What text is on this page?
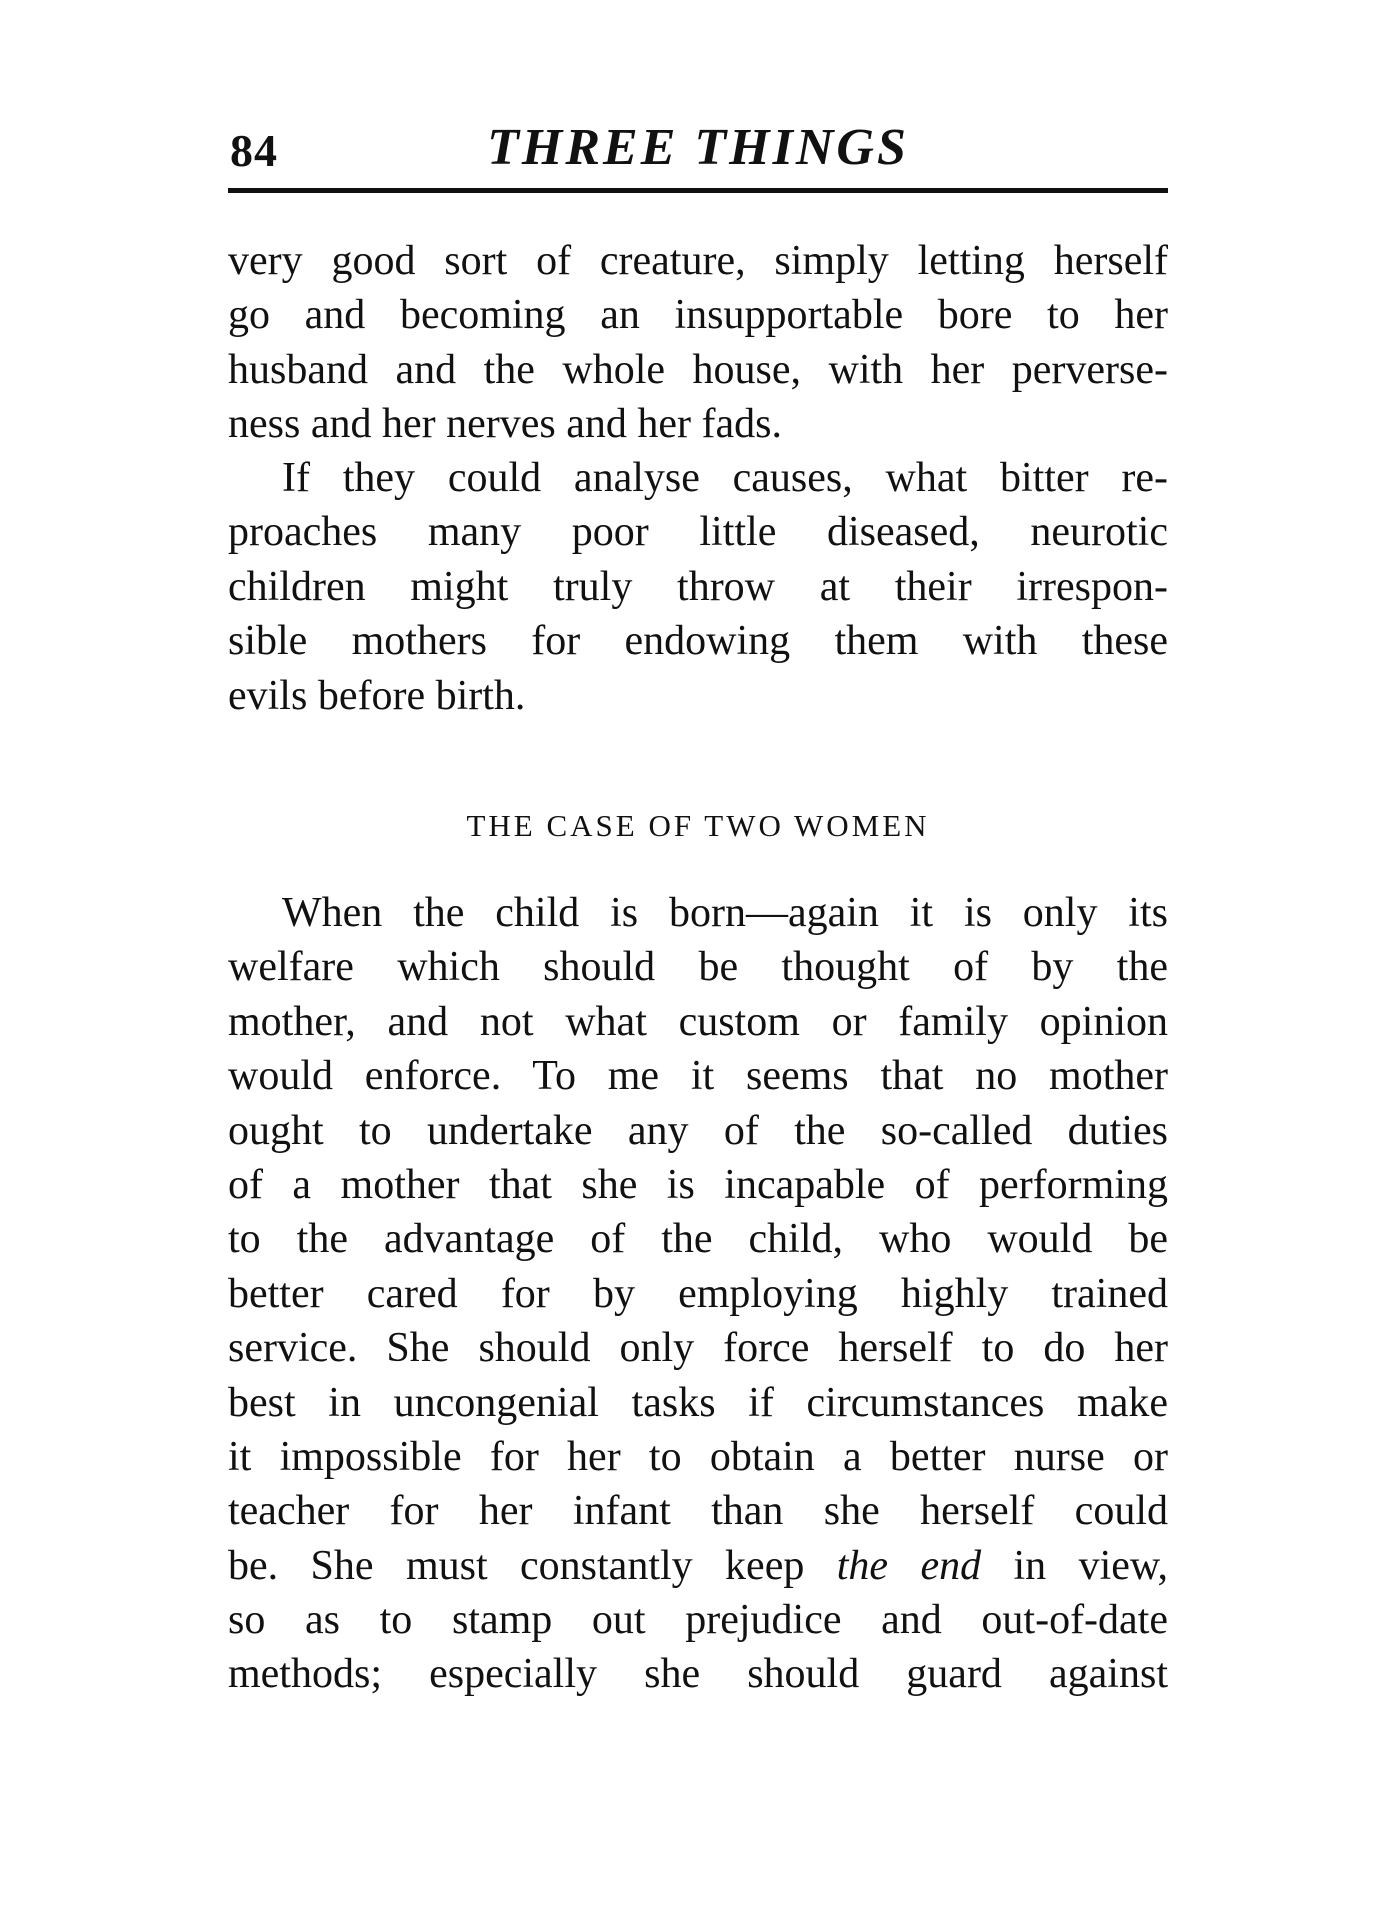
84	THREE THINGS
very good sort of creature, simply letting herself
go and becoming an insupportable bore to her
husband and the whole house, with her perverse-
ness and her nerves and her fads.
If they could analyse causes, what bitter re-
proaches many poor little diseased, neurotic
children might truly throw at their irrespon-
sible mothers for endowing them with these
evils before birth.
THE CASE OF TWO WOMEN
When the child is born—again it is only its
welfare which should be thought of by the
mother, and not what custom or family opinion
would enforce. To me it seems that no mother
ought to undertake any of the so-called duties
of a mother that she is incapable of performing
to the advantage of the child, who would be
better cared for by employing highly trained
service. She should only force herself to do her
best in uncongenial tasks if circumstances make
it impossible for her to obtain a better nurse or
teacher for her infant than she herself could
be. She must constantly keep the end in view,
so as to stamp out prejudice and out-of-date
methods; especially she should guard against
